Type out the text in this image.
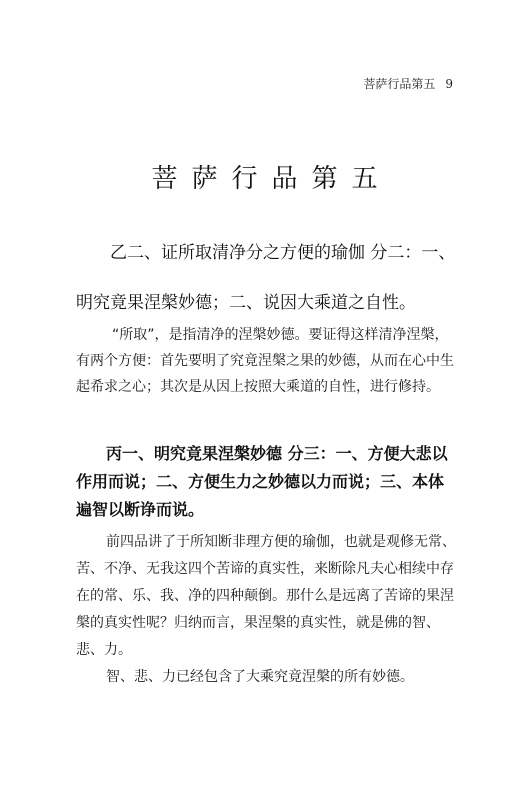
菩萨行品第五 9
菩萨行品第五
乙二、证所取清净分之方便的瑜伽 分二：一、明究竟果涅槃妙德；二、说因大乘道之自性。
“所取”，是指清净的涅槃妙德。要证得这样清净涅槃，有两个方便：首先要明了究竟涅槃之果的妙德，从而在心中生起希求之心；其次是从因上按照大乘道的自性，进行修持。
丙一、明究竟果涅槃妙德 分三：一、方便大悲以作用而说；二、方便生力之妙德以力而说；三、本体遍智以断诤而说。
前四品讲了于所知断非理方便的瑜伽，也就是观修无常、苦、不净、无我这四个苦谛的真实性，来断除凡夫心相续中存在的常、乐、我、净的四种颠倒。那什么是远离了苦谛的果涅槃的真实性呢？归纳而言，果涅槃的真实性，就是佛的智、悲、力。
智、悲、力已经包含了大乘究竟涅槃的所有妙德。
